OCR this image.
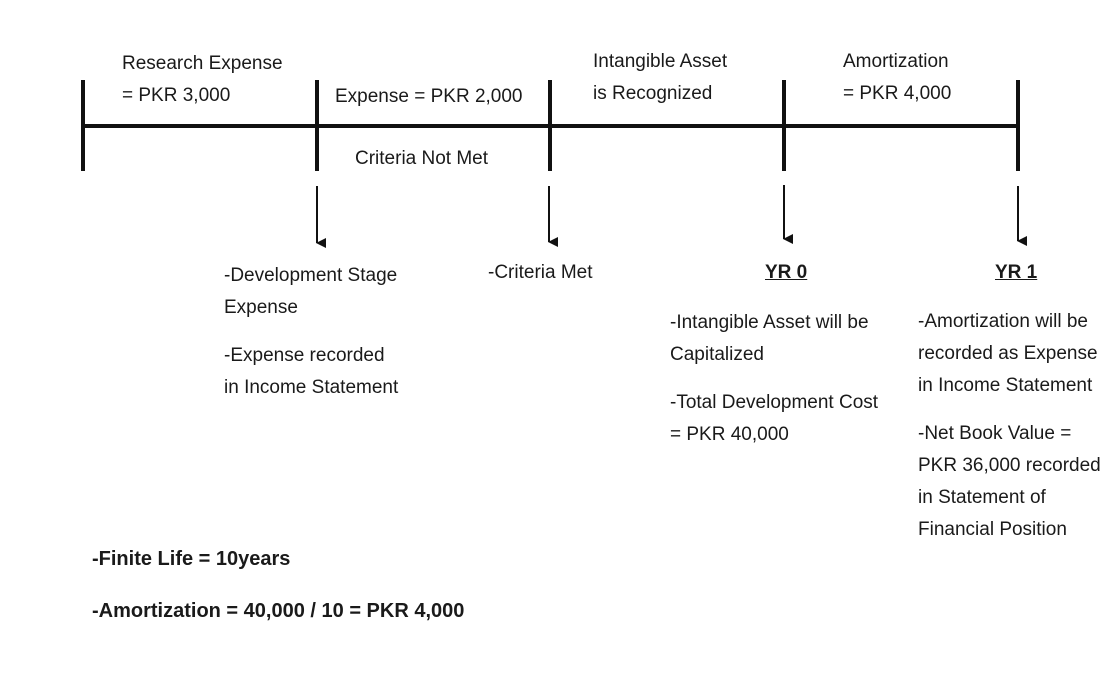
Research Expense
= PKR 3,000	Expense = PKR 2,000
Criteria Not Met
Intangible Asset
is Recognized
Amortization
= PKR 4,000
-Development Stage
Expense
-Expense recorded
in Income Statement
-Criteria Met	YR 0
-Intangible Asset will be
Capitalized
-Total Development Cost
= PKR 40,000
YR 1
-Amortization will be
recorded as Expense
in Income Statement
-Net Book Value =
PKR 36,000 recorded
in Statement of
Financial Position
-Finite Life = 10years
-Amortization = 40,000 / 10 = PKR 4,000
